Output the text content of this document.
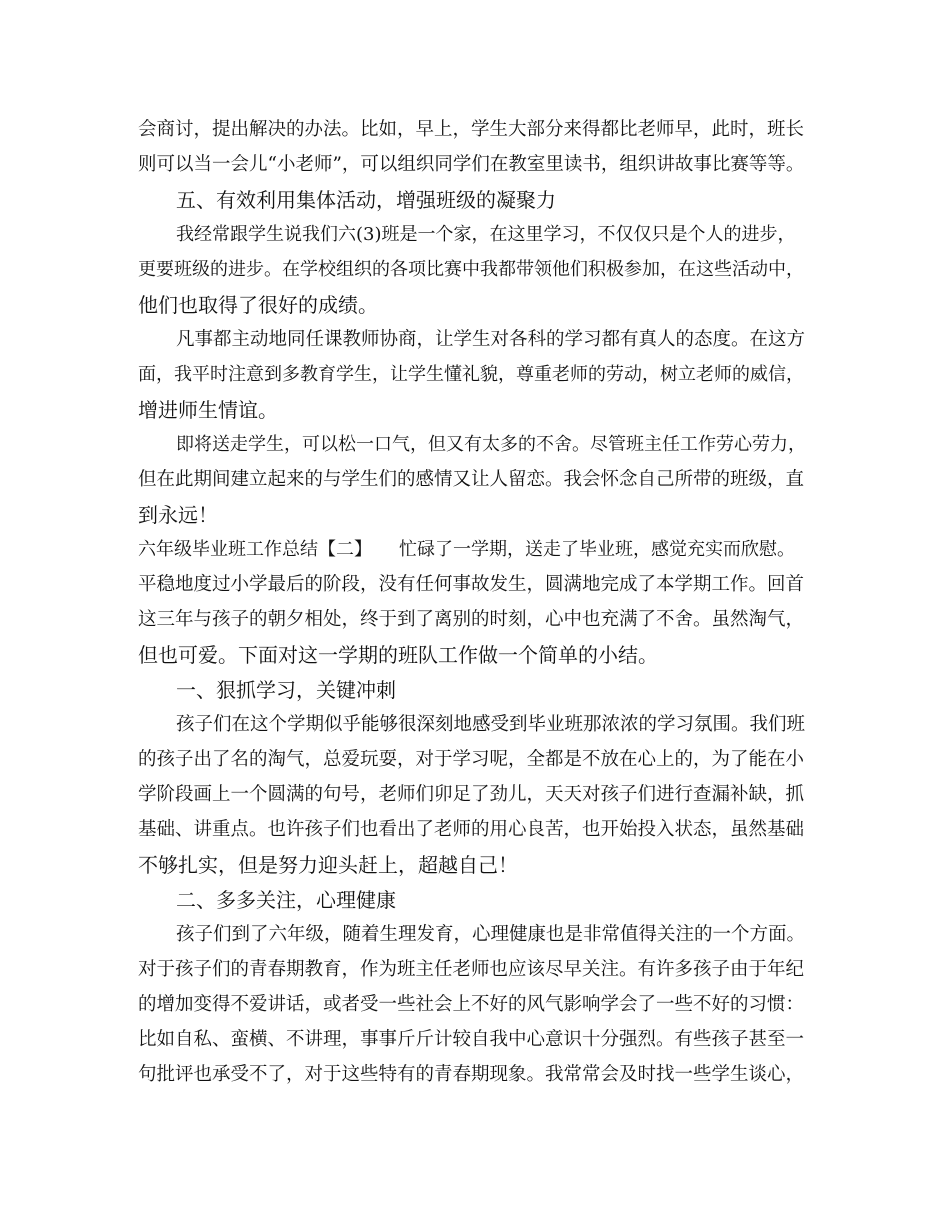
会商讨，提出解决的办法。比如，早上，学生大部分来得都比老师早，此时，班长
则可以当一会儿“小老师”，可以组织同学们在教室里读书，组织讲故事比赛等等。
五、有效利用集体活动，增强班级的凝聚力
我经常跟学生说我们六(3)班是一个家，在这里学习，不仅仅只是个人的进步，
更要班级的进步。在学校组织的各项比赛中我都带领他们积极参加，在这些活动中，
他们也取得了很好的成绩。
凡事都主动地同任课教师协商，让学生对各科的学习都有真人的态度。在这方
面，我平时注意到多教育学生，让学生懂礼貌，尊重老师的劳动，树立老师的威信，
增进师生情谊。
即将送走学生，可以松一口气，但又有太多的不舍。尽管班主任工作劳心劳力，
但在此期间建立起来的与学生们的感情又让人留恋。我会怀念自己所带的班级，直
到永远！
六年级毕业班工作总结【二】　　忙碌了一学期，送走了毕业班，感觉充实而欣慰。
平稳地度过小学最后的阶段，没有任何事故发生，圆满地完成了本学期工作。回首
这三年与孩子的朝夕相处，终于到了离别的时刻，心中也充满了不舍。虽然淘气，
但也可爱。下面对这一学期的班队工作做一个简单的小结。
一、狠抓学习，关键冲刺
孩子们在这个学期似乎能够很深刻地感受到毕业班那浓浓的学习氛围。我们班
的孩子出了名的淘气，总爱玩耍，对于学习呢，全都是不放在心上的，为了能在小
学阶段画上一个圆满的句号，老师们卯足了劲儿，天天对孩子们进行查漏补缺，抓
基础、讲重点。也许孩子们也看出了老师的用心良苦，也开始投入状态，虽然基础
不够扎实，但是努力迎头赶上，超越自己！
二、多多关注，心理健康
孩子们到了六年级，随着生理发育，心理健康也是非常值得关注的一个方面。
对于孩子们的青春期教育，作为班主任老师也应该尽早关注。有许多孩子由于年纪
的增加变得不爱讲话，或者受一些社会上不好的风气影响学会了一些不好的习惯：
比如自私、蛮横、不讲理，事事斤斤计较自我中心意识十分强烈。有些孩子甚至一
句批评也承受不了，对于这些特有的青春期现象。我常常会及时找一些学生谈心，
